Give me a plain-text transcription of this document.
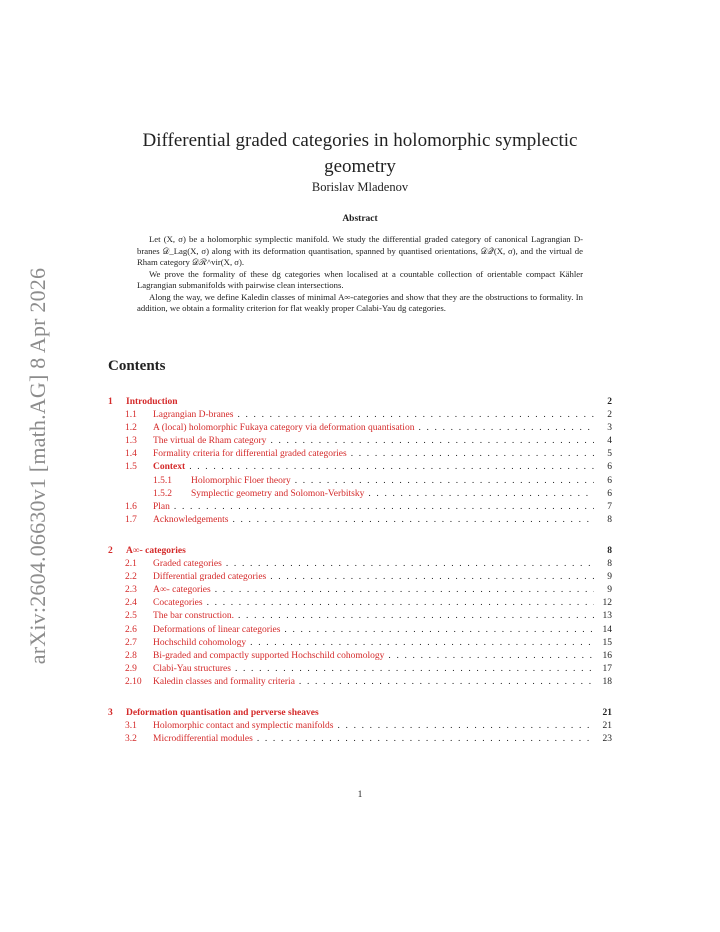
arXiv:2604.06630v1 [math.AG] 8 Apr 2026
Differential graded categories in holomorphic symplectic geometry
Borislav Mladenov
Abstract

Let (X, σ) be a holomorphic symplectic manifold. We study the differential graded category of canonical Lagrangian D-branes 𝒟_Lag(X, σ) along with its deformation quantisation, spanned by quantised orientations, 𝒟𝒬(X, σ), and the virtual de Rham category 𝒟ℛ^vir(X, σ).

We prove the formality of these dg categories when localised at a countable collection of orientable compact Kähler Lagrangian submanifolds with pairwise clean intersections.

Along the way, we define Kaledin classes of minimal A∞-categories and show that they are the obstructions to formality. In addition, we obtain a formality criterion for flat weakly proper Calabi-Yau dg categories.

Contents
1	Introduction	2
1.1	Lagrangian D-branes . . .	2
1.2	A (local) holomorphic Fukaya category via deformation quantisation . . .	3
1.3	The virtual de Rham category . . .	4
1.4	Formality criteria for differential graded categories . . .	5
1.5	Context . . .	6
1.5.1	Holomorphic Floer theory . . .	6
1.5.2	Symplectic geometry and Solomon-Verbitsky . . .	6
1.6	Plan . . .	7
1.7	Acknowledgements . . .	8
2	A∞- categories	8
2.1	Graded categories . . .	8
2.2	Differential graded categories . . .	9
2.3	A∞- categories . . .	9
2.4	Cocategories . . .	12
2.5	The bar construction. . . .	13
2.6	Deformations of linear categories . . .	14
2.7	Hochschild cohomology . . .	15
2.8	Bi-graded and compactly supported Hochschild cohomology . . .	16
2.9	Clabi-Yau structures . . .	17
2.10	Kaledin classes and formality criteria . . .	18
3	Deformation quantisation and perverse sheaves	21
3.1	Holomorphic contact and symplectic manifolds . . .	21
3.2	Microdifferential modules . . .	23
1
